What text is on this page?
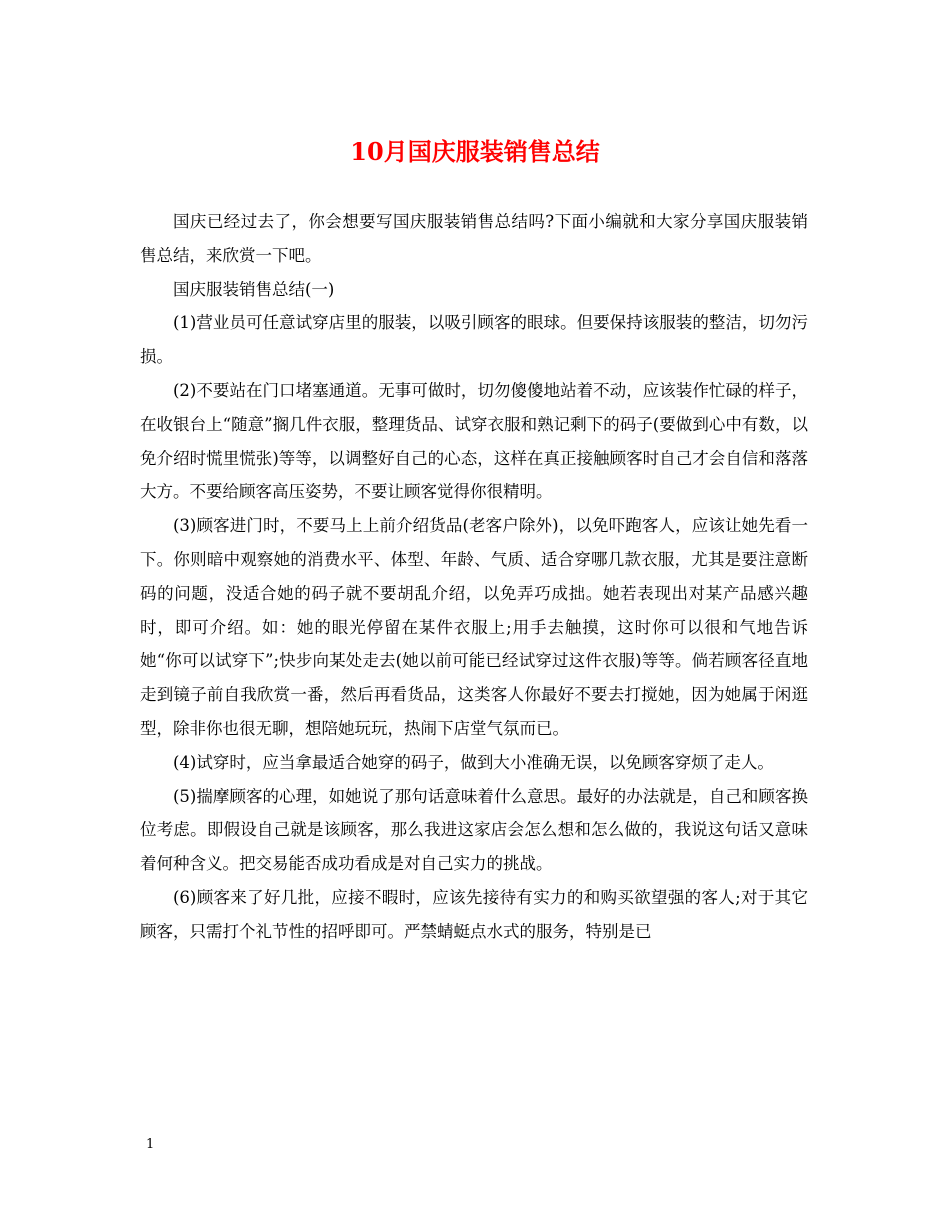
10月国庆服装销售总结

国庆已经过去了，你会想要写国庆服装销售总结吗?下面小编就和大家分享国庆服装销售总结，来欣赏一下吧。

国庆服装销售总结(一)

(1)营业员可任意试穿店里的服装，以吸引顾客的眼球。但要保持该服装的整洁，切勿污损。

(2)不要站在门口堵塞通道。无事可做时，切勿傻傻地站着不动，应该装作忙碌的样子，在收银台上“随意”搁几件衣服，整理货品、试穿衣服和熟记剩下的码子(要做到心中有数，以免介绍时慌里慌张)等等，以调整好自己的心态，这样在真正接触顾客时自己才会自信和落落大方。不要给顾客高压姿势，不要让顾客觉得你很精明。

(3)顾客进门时，不要马上上前介绍货品(老客户除外)，以免吓跑客人，应该让她先看一下。你则暗中观察她的消费水平、体型、年龄、气质、适合穿哪几款衣服，尤其是要注意断码的问题，没适合她的码子就不要胡乱介绍，以免弄巧成拙。她若表现出对某产品感兴趣时，即可介绍。如：她的眼光停留在某件衣服上;用手去触摸，这时你可以很和气地告诉她“你可以试穿下”;快步向某处走去(她以前可能已经试穿过这件衣服)等等。倘若顾客径直地走到镜子前自我欣赏一番，然后再看货品，这类客人你最好不要去打搅她，因为她属于闲逛型，除非你也很无聊，想陪她玩玩，热闹下店堂气氛而已。

(4)试穿时，应当拿最适合她穿的码子，做到大小准确无误，以免顾客穿烦了走人。

(5)揣摩顾客的心理，如她说了那句话意味着什么意思。最好的办法就是，自己和顾客换位考虑。即假设自己就是该顾客，那么我进这家店会怎么想和怎么做的，我说这句话又意味着何种含义。把交易能否成功看成是对自己实力的挑战。

(6)顾客来了好几批，应接不暇时，应该先接待有实力的和购买欲望强的客人;对于其它顾客，只需打个礼节性的招呼即可。严禁蜻蜓点水式的服务，特别是已

1
